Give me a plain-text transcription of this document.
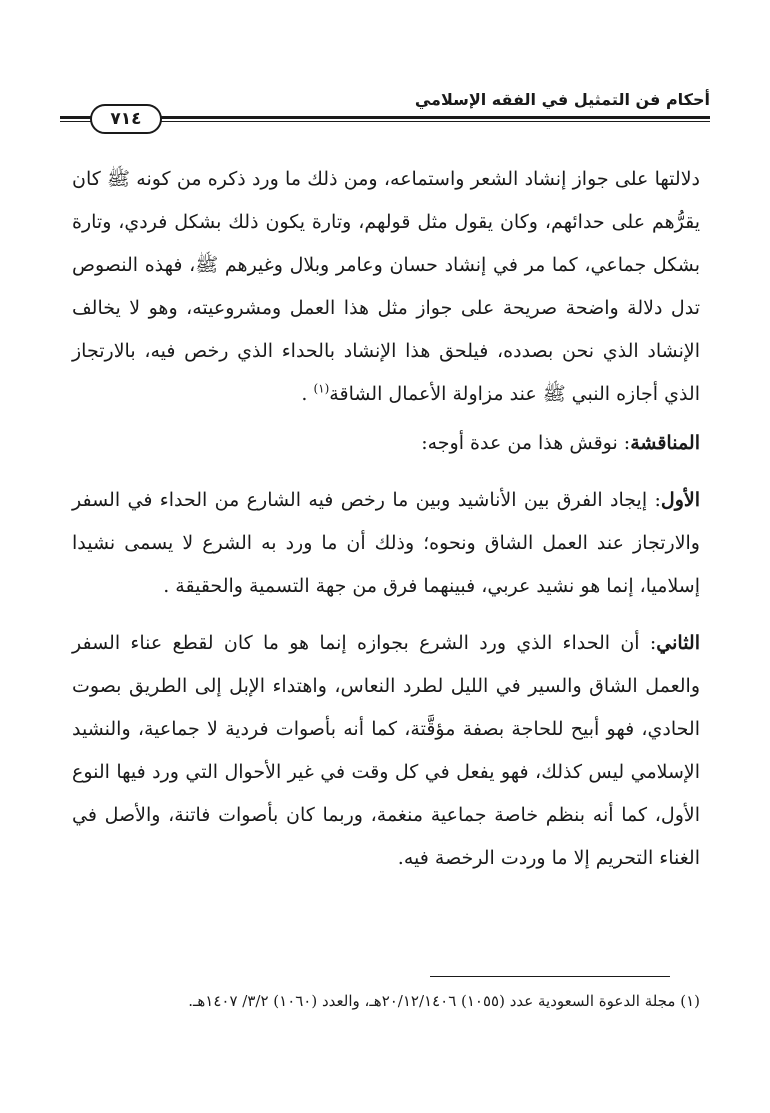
أحكام فن التمثيل في الفقه الإسلامي
٧١٤

دلالتها على جواز إنشاد الشعر واستماعه، ومن ذلك ما ورد ذكره من كونه ﷺ كان يقرُّهم على حدائهم، وكان يقول مثل قولهم، وتارة يكون ذلك بشكل فردي، وتارة بشكل جماعي، كما مر في إنشاد حسان وعامر وبلال وغيرهم ﷺ، فهذه النصوص تدل دلالة واضحة صريحة على جواز مثل هذا العمل ومشروعيته، وهو لا يخالف الإنشاد الذي نحن بصدده، فيلحق هذا الإنشاد بالحداء الذي رخص فيه، بالارتجاز الذي أجازه النبي ﷺ عند مزاولة الأعمال الشاقة$^{(١)}$ .

المناقشة: نوقش هذا من عدة أوجه:

الأول: إيجاد الفرق بين الأناشيد وبين ما رخص فيه الشارع من الحداء في السفر والارتجاز عند العمل الشاق ونحوه؛ وذلك أن ما ورد به الشرع لا يسمى نشيدا إسلاميا، إنما هو نشيد عربي، فبينهما فرق من جهة التسمية والحقيقة .

الثاني: أن الحداء الذي ورد الشرع بجوازه إنما هو ما كان لقطع عناء السفر والعمل الشاق والسير في الليل لطرد النعاس، واهتداء الإبل إلى الطريق بصوت الحادي، فهو أبيح للحاجة بصفة مؤقَّتة، كما أنه بأصوات فردية لا جماعية، والنشيد الإسلامي ليس كذلك، فهو يفعل في كل وقت في غير الأحوال التي ورد فيها النوع الأول، كما أنه بنظم خاصة جماعية منغمة، وربما كان بأصوات فاتنة، والأصل في الغناء التحريم إلا ما وردت الرخصة فيه.

(١) مجلة الدعوة السعودية عدد (١٠٥٥) ٢٠/١٢/١٤٠٦هـ، والعدد (١٠٦٠) ٣/٢/ ١٤٠٧هـ.
